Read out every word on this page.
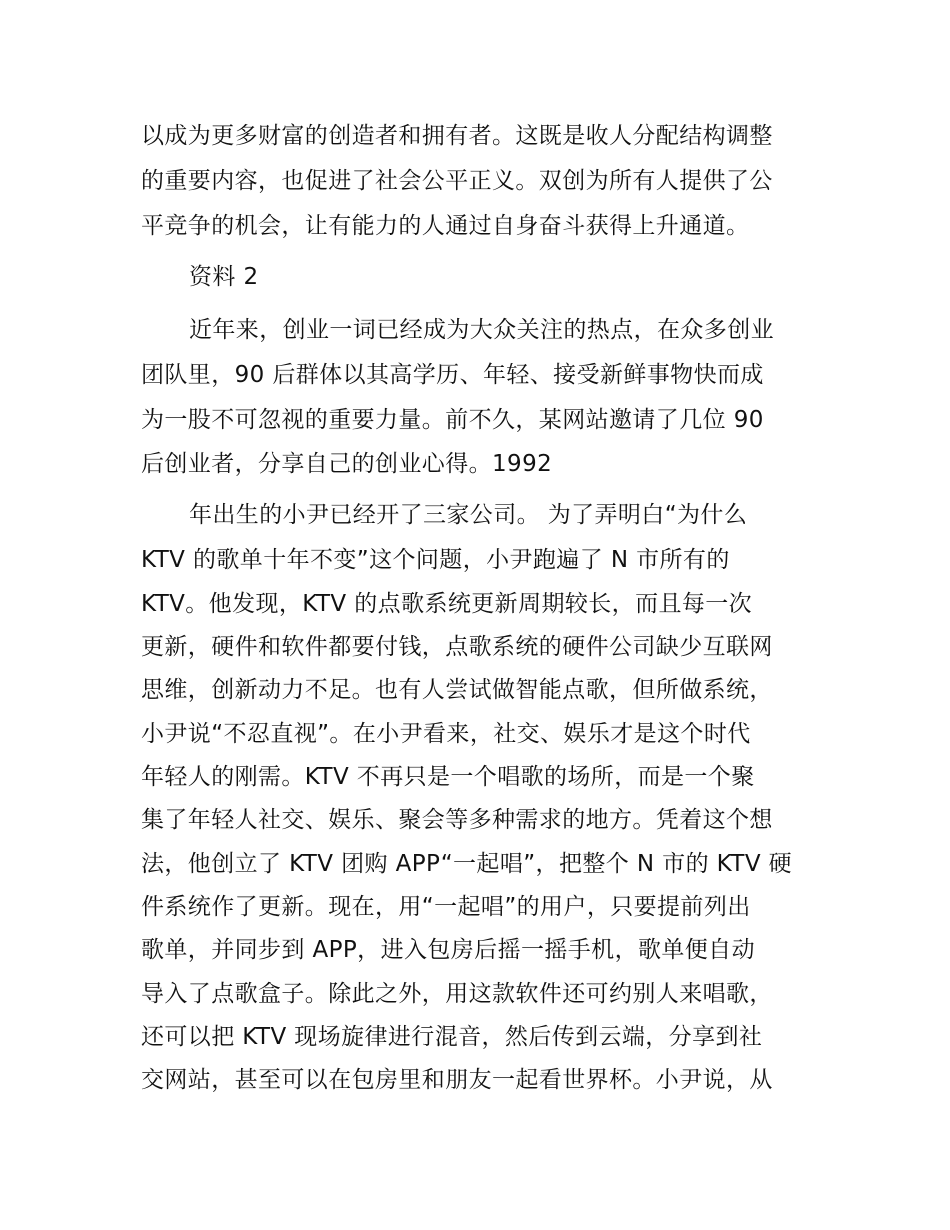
以成为更多财富的创造者和拥有者。这既是收人分配结构调整
的重要内容，也促进了社会公平正义。双创为所有人提供了公
平竞争的机会，让有能力的人通过自身奋斗获得上升通道。
资料 2
近年来，创业一词已经成为大众关注的热点，在众多创业
团队里，90 后群体以其高学历、年轻、接受新鲜事物快而成
为一股不可忽视的重要力量。前不久，某网站邀请了几位 90
后创业者，分享自己的创业心得。1992
年出生的小尹已经开了三家公司。 为了弄明白“为什么
KTV 的歌单十年不变”这个问题，小尹跑遍了 N 市所有的
KTV。他发现，KTV 的点歌系统更新周期较长，而且每一次
更新，硬件和软件都要付钱，点歌系统的硬件公司缺少互联网
思维，创新动力不足。也有人尝试做智能点歌，但所做系统，
小尹说“不忍直视”。在小尹看来，社交、娱乐才是这个时代
年轻人的刚需。KTV 不再只是一个唱歌的场所，而是一个聚
集了年轻人社交、娱乐、聚会等多种需求的地方。凭着这个想
法，他创立了 KTV 团购 APP“一起唱”，把整个 N 市的 KTV 硬
件系统作了更新。现在，用“一起唱”的用户，只要提前列出
歌单，并同步到 APP，进入包房后摇一摇手机，歌单便自动
导入了点歌盒子。除此之外，用这款软件还可约别人来唱歌，
还可以把 KTV 现场旋律进行混音，然后传到云端，分享到社
交网站，甚至可以在包房里和朋友一起看世界杯。小尹说，从
